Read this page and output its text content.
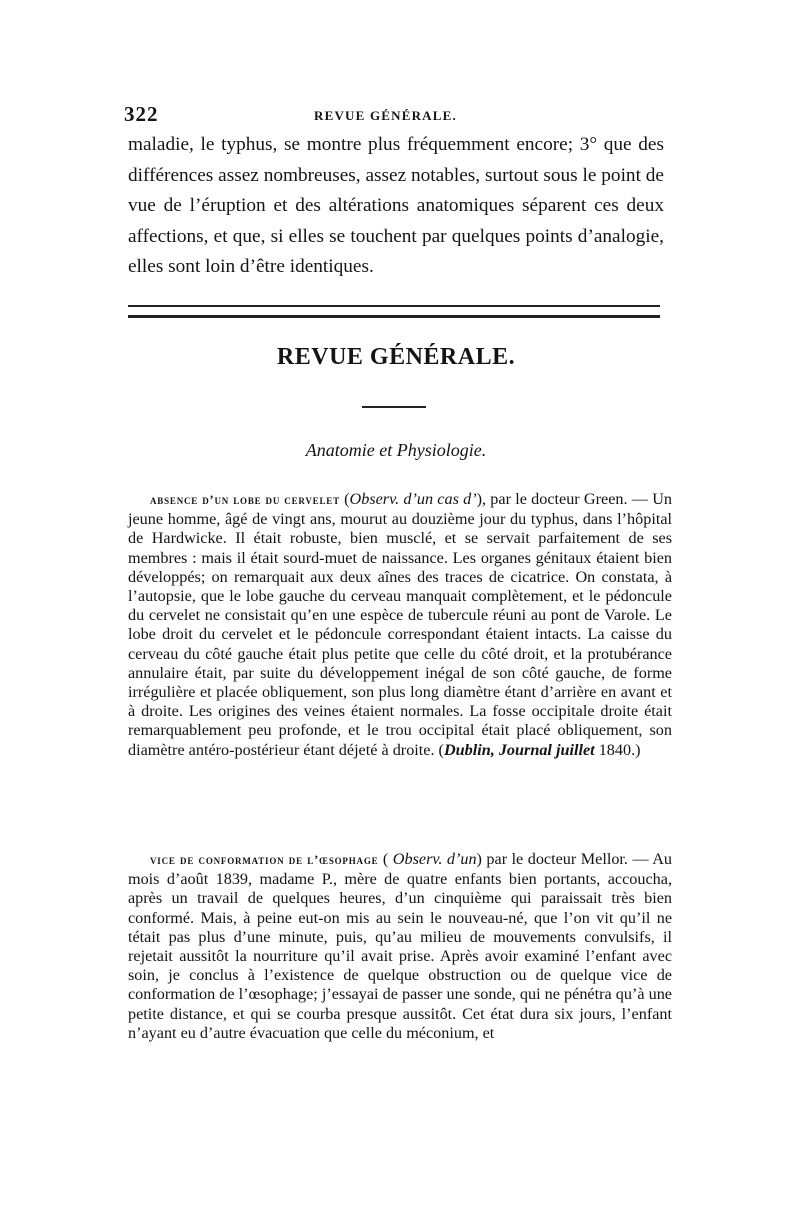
322	REVUE GÉNÉRALE.

maladie, le typhus, se montre plus fréquemment encore; 3° que des différences assez nombreuses, assez notables, surtout sous le point de vue de l’éruption et des altérations anatomiques séparent ces deux affections, et que, si elles se touchent par quelques points d’analogie, elles sont loin d’être identiques.

REVUE GÉNÉRALE.
Anatomie et Physiologie.

absence d’un lobe du cervelet (Observ. d’un cas d’), par le docteur Green. — Un jeune homme, âgé de vingt ans, mourut au douzième jour du typhus, dans l’hôpital de Hardwicke. Il était robuste, bien musclé, et se servait parfaitement de ses membres : mais il était sourd-muet de naissance. Les organes génitaux étaient bien développés; on remarquait aux deux aînes des traces de cicatrice. On constata, à l’autopsie, que le lobe gauche du cerveau manquait complètement, et le pédoncule du cervelet ne consistait qu’en une espèce de tubercule réuni au pont de Varole. Le lobe droit du cervelet et le pédoncule correspondant étaient intacts. La caisse du cerveau du côté gauche était plus petite que celle du côté droit, et la protubérance annulaire était, par suite du développement inégal de son côté gauche, de forme irrégulière et placée obliquement, son plus long diamètre étant d’arrière en avant et à droite. Les origines des veines étaient normales. La fosse occipitale droite était remarquablement peu profonde, et le trou occipital était placé obliquement, son diamètre antéro-postérieur étant déjeté à droite. (Dublin, Journal juillet 1840.)

vice de conformation de l’œsophage ( Observ. d’un) par le docteur Mellor. — Au mois d’août 1839, madame P., mère de quatre enfants bien portants, accoucha, après un travail de quelques heures, d’un cinquième qui paraissait très bien conformé. Mais, à peine eut-on mis au sein le nouveau-né, que l’on vit qu’il ne tétait pas plus d’une minute, puis, qu’au milieu de mouvements convulsifs, il rejetait aussitôt la nourriture qu’il avait prise. Après avoir examiné l’enfant avec soin, je conclus à l’existence de quelque obstruction ou de quelque vice de conformation de l’œsophage; j’essayai de passer une sonde, qui ne pénétra qu’à une petite distance, et qui se courba presque aussitôt. Cet état dura six jours, l’enfant n’ayant eu d’autre évacuation que celle du méconium, et
